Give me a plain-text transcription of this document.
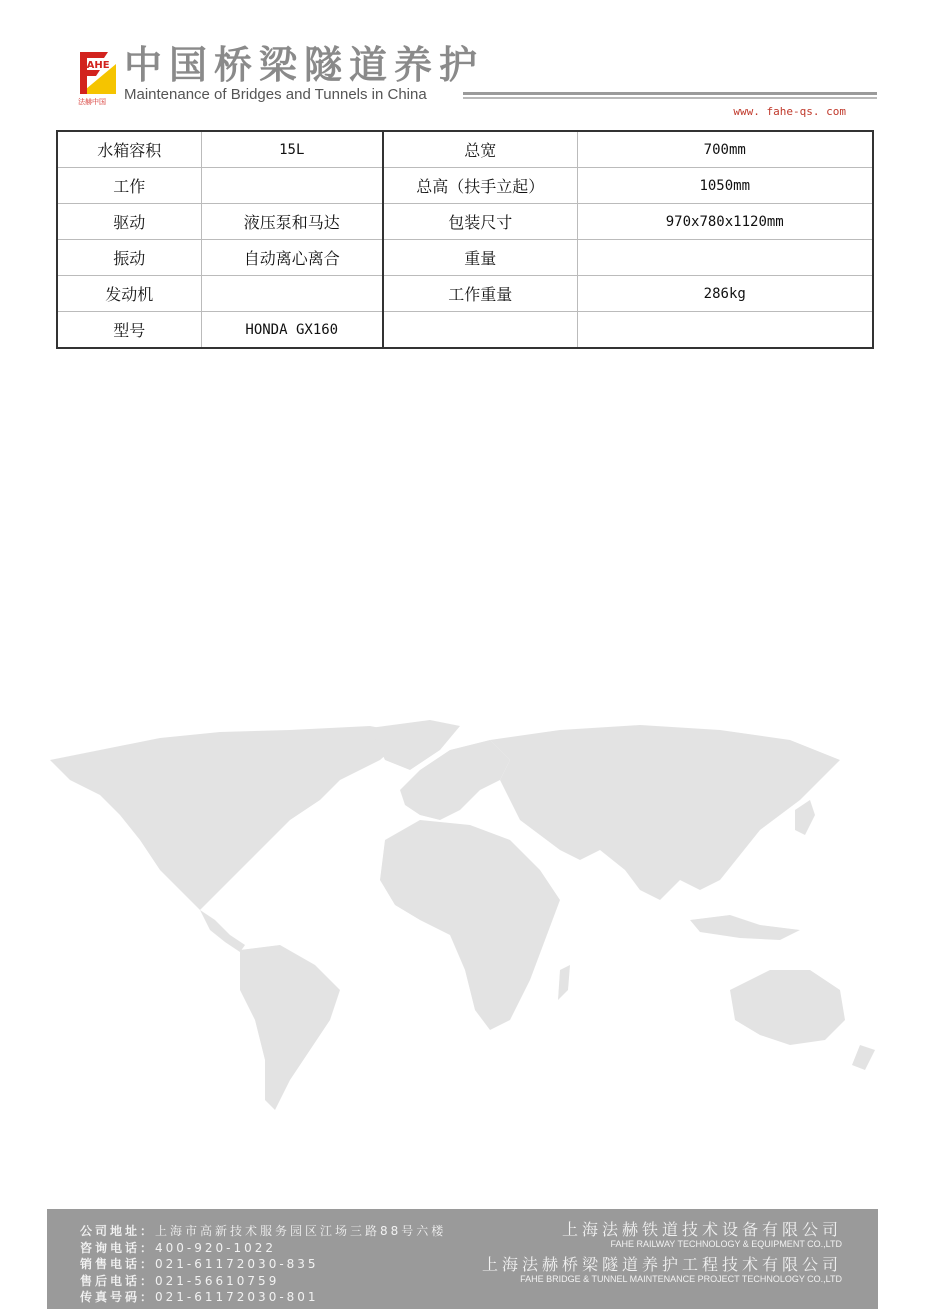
FAHE
法赫中国
中国桥梁隧道养护
Maintenance of Bridges and Tunnels in China
www. fahe-qs. com
水箱容积	15L	总宽	700mm
工作		总高（扶手立起）	1050mm
驱动	液压泵和马达	包装尺寸	970x780x1120mm
振动	自动离心离合	重量	
发动机		工作重量	286kg
型号	HONDA GX160		
公司地址：上海市高新技术服务园区江场三路88号六楼
咨询电话：400-920-1022
销售电话：021-61172030-835
售后电话：021-56610759
传真号码：021-61172030-801
上海法赫铁道技术设备有限公司
FAHE RAILWAY TECHNOLOGY & EQUIPMENT CO.,LTD
上海法赫桥梁隧道养护工程技术有限公司
FAHE BRIDGE & TUNNEL MAINTENANCE PROJECT TECHNOLOGY CO.,LTD
